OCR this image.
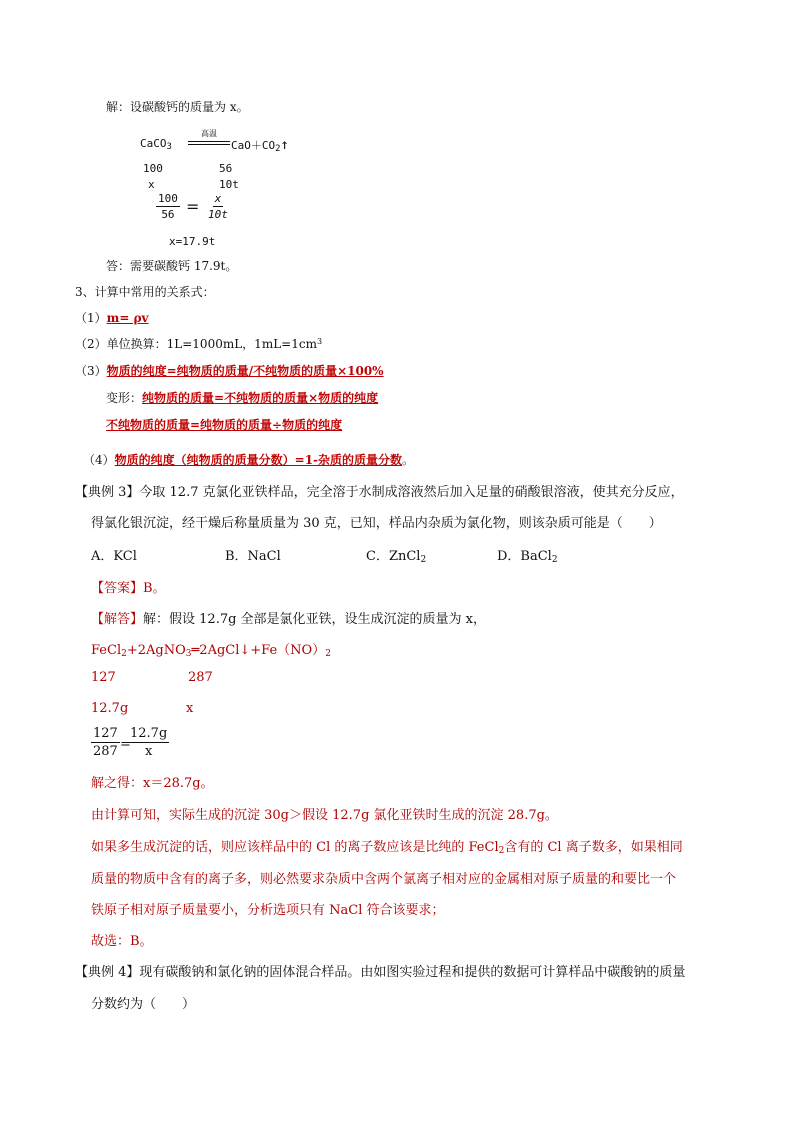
解：设碳酸钙的质量为 x。
CaCO$_3$
高温
$CaO+CO_2↑$
100	56
x	10t
$\frac{100}{56} = \frac{x}{10t}$
x=17.9t
答：需要碳酸钙 17.9t。
3、计算中常用的关系式：
（1）m= ρv
（2）单位换算：1L=1000mL，$1mL=1cm^3$
（3）物质的纯度=纯物质的质量/不纯物质的质量×100%
变形：纯物质的质量=不纯物质的质量×物质的纯度
不纯物质的质量=纯物质的质量÷物质的纯度
（4）物质的纯度（纯物质的质量分数）=1-杂质的质量分数。
【典例 3】今取 12.7 克氯化亚铁样品，完全溶于水制成溶液然后加入足量的硝酸银溶液，使其充分反应，
得氯化银沉淀，经干燥后称量质量为 30 克，已知，样品内杂质为氯化物，则该杂质可能是（　　）
A．KCl	B．NaCl	C．ZnCl$_2$	D．BaCl$_2$
【答案】B。
【解答】解：假设 12.7g 全部是氯化亚铁，设生成沉淀的质量为 x，
$FeCl_2+2AgNO_3═2AgCl↓+Fe(NO)_2$
127	287
12.7g	x
$\frac{127}{287}$ =
$\frac{12.7g}{x}$
解之得：x＝28.7g。
由计算可知，实际生成的沉淀 30g＞假设 12.7g 氯化亚铁时生成的沉淀 28.7g。
如果多生成沉淀的话，则应该样品中的 Cl 的离子数应该是比纯的 FeCl$_2$含有的 Cl 离子数多，如果相同
质量的物质中含有的离子多，则必然要求杂质中含两个氯离子相对应的金属相对原子质量的和要比一个
铁原子相对原子质量要小，分析选项只有 NaCl 符合该要求；
故选：B。
【典例 4】现有碳酸钠和氯化钠的固体混合样品。由如图实验过程和提供的数据可计算样品中碳酸钠的质量
分数约为（　　）
